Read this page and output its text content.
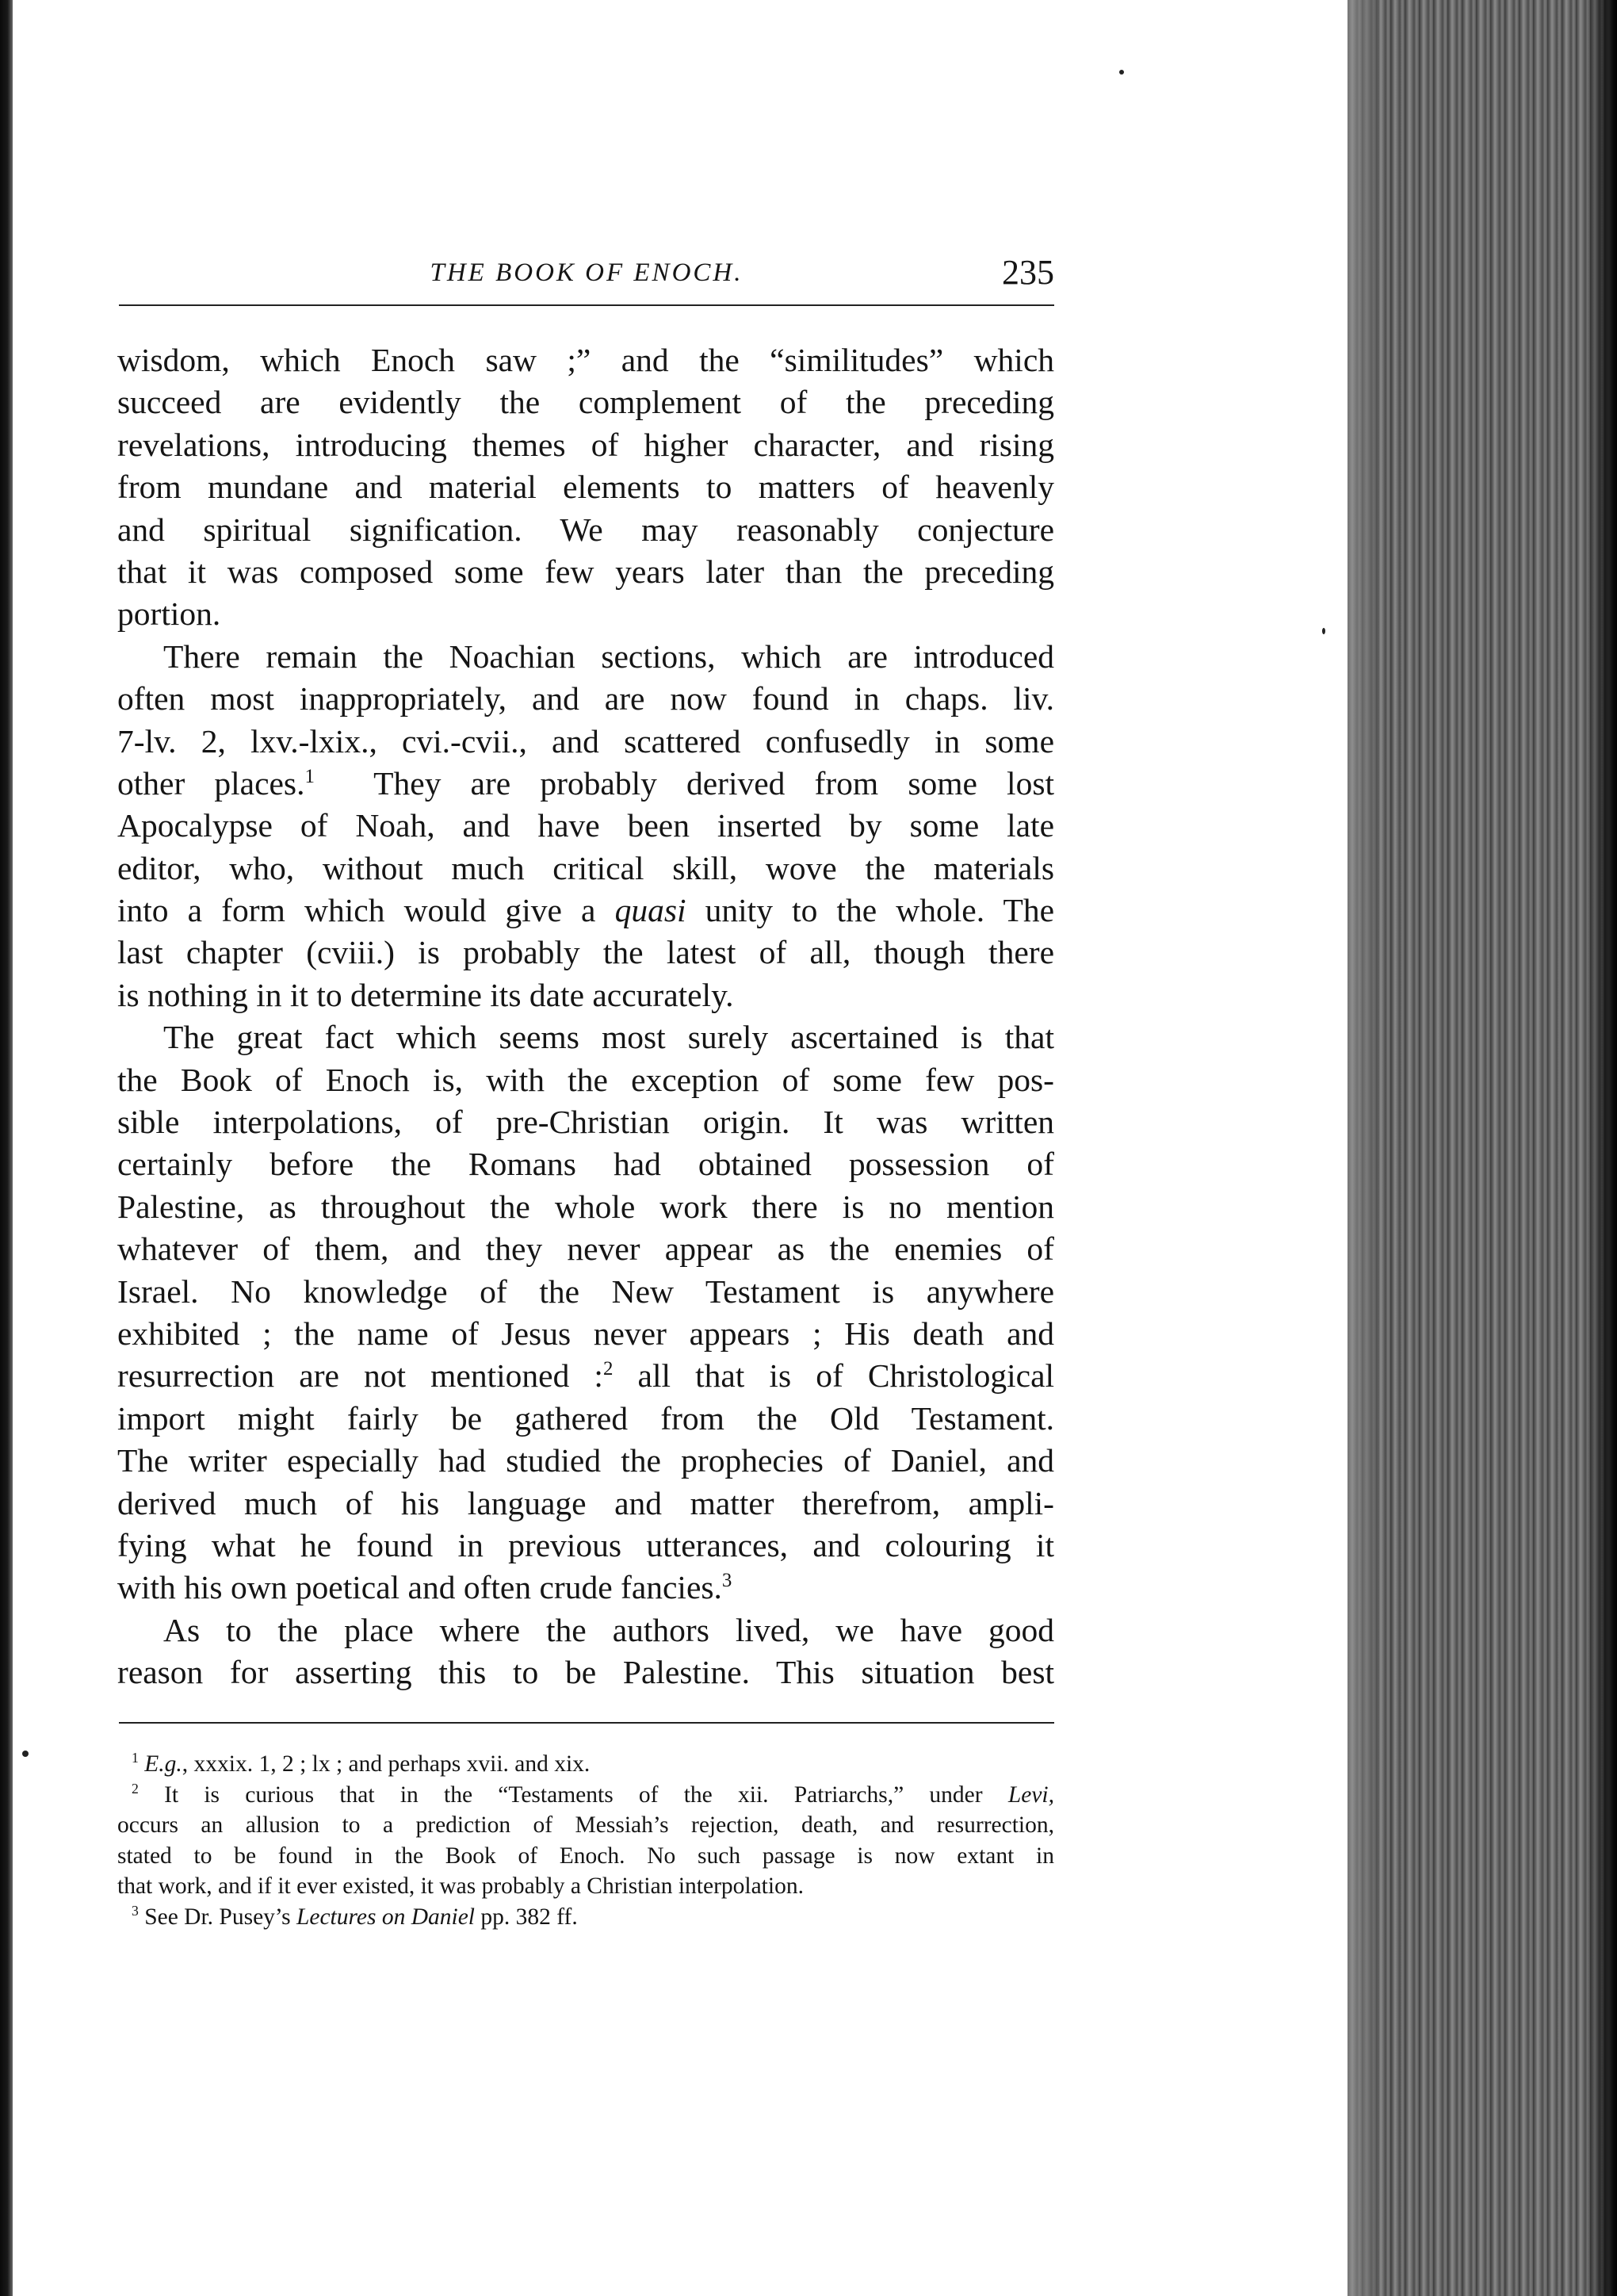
THE BOOK OF ENOCH.	235
wisdom, which Enoch saw ;” and the “similitudes” which
succeed are evidently the complement of the preceding
revelations, introducing themes of higher character, and rising
from mundane and material elements to matters of heavenly
and spiritual signification. We may reasonably conjecture
that it was composed some few years later than the preceding
portion.
There remain the Noachian sections, which are introduced
often most inappropriately, and are now found in chaps. liv.
7-lv. 2, lxv.-lxix., cvi.-cvii., and scattered confusedly in some
other places.$^1$ They are probably derived from some lost
Apocalypse of Noah, and have been inserted by some late
editor, who, without much critical skill, wove the materials
into a form which would give a quasi unity to the whole. The
last chapter (cviii.) is probably the latest of all, though there
is nothing in it to determine its date accurately.
The great fact which seems most surely ascertained is that
the Book of Enoch is, with the exception of some few pos-
sible interpolations, of pre-Christian origin. It was written
certainly before the Romans had obtained possession of
Palestine, as throughout the whole work there is no mention
whatever of them, and they never appear as the enemies of
Israel. No knowledge of the New Testament is anywhere
exhibited ; the name of Jesus never appears ; His death and
resurrection are not mentioned :$^2$ all that is of Christological
import might fairly be gathered from the Old Testament.
The writer especially had studied the prophecies of Daniel, and
derived much of his language and matter therefrom, ampli-
fying what he found in previous utterances, and colouring it
with his own poetical and often crude fancies.$^3$
As to the place where the authors lived, we have good
reason for asserting this to be Palestine. This situation best
$^1$ E.g., xxxix. 1, 2 ; lx ; and perhaps xvii. and xix.
$^2$ It is curious that in the “Testaments of the xii. Patriarchs,” under Levi,
occurs an allusion to a prediction of Messiah’s rejection, death, and resurrection,
stated to be found in the Book of Enoch. No such passage is now extant in
that work, and if it ever existed, it was probably a Christian interpolation.
$^3$ See Dr. Pusey’s Lectures on Daniel pp. 382 ff.
